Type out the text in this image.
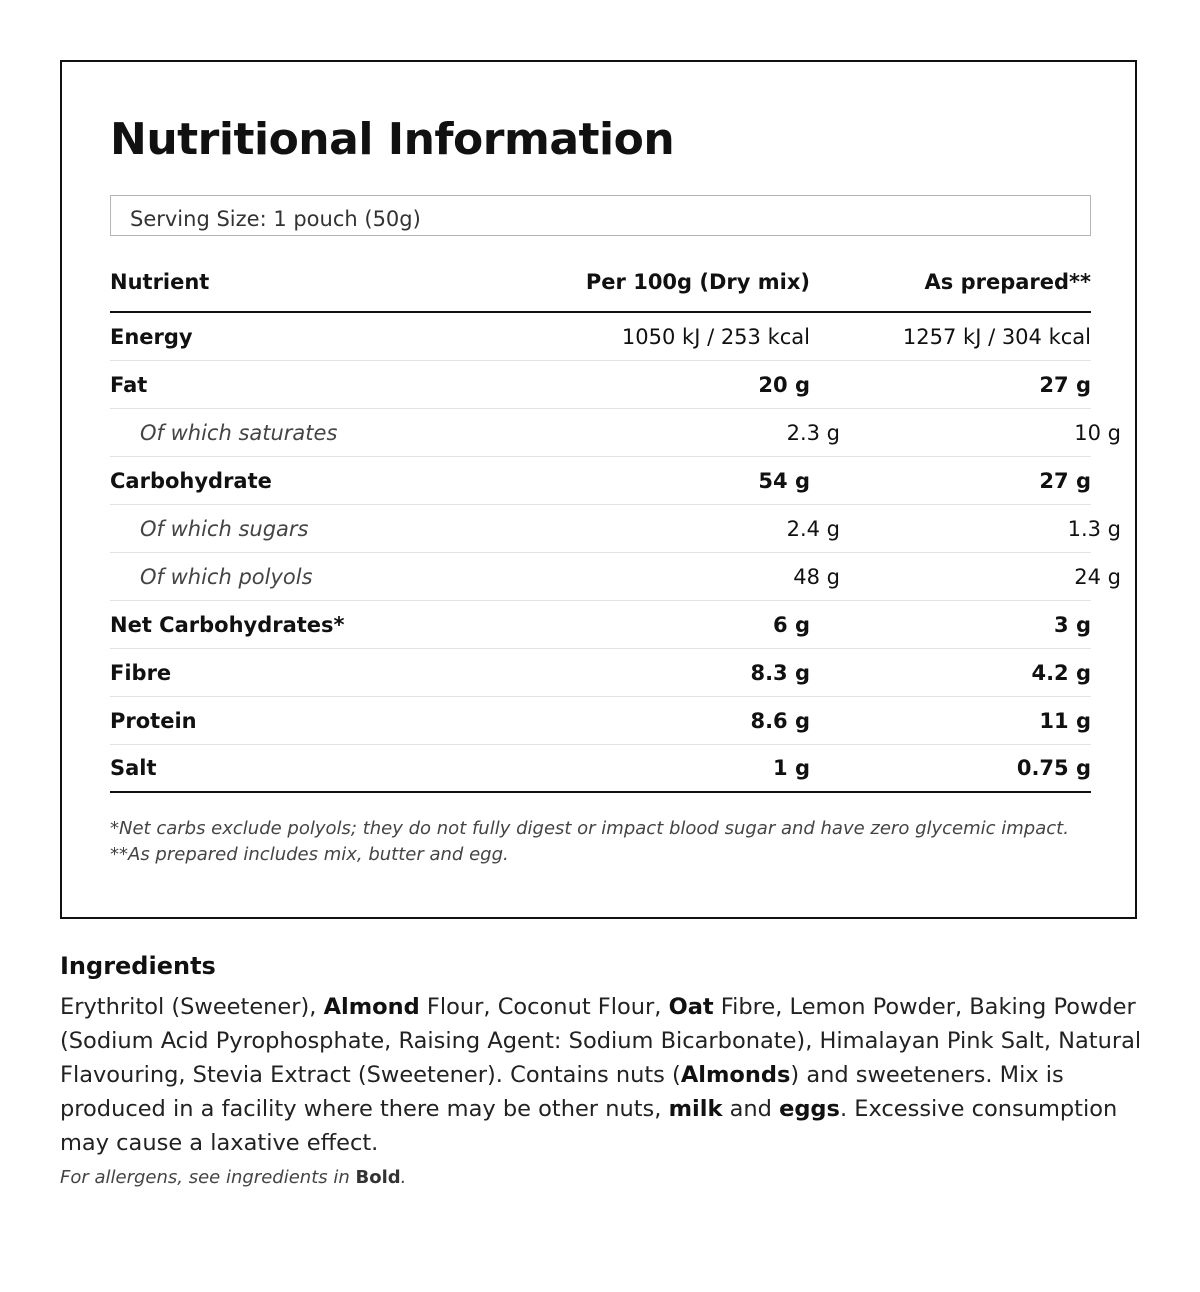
Nutritional Information
Serving Size: 1 pouch (50g)
Nutrient	Per 100g (Dry mix)	As prepared**
Energy	1050 kJ / 253 kcal	1257 kJ / 304 kcal
Fat	20 g	27 g
Of which saturates	2.3 g	10 g
Carbohydrate	54 g	27 g
Of which sugars	2.4 g	1.3 g
Of which polyols	48 g	24 g
Net Carbohydrates*	6 g	3 g
Fibre	8.3 g	4.2 g
Protein	8.6 g	11 g
Salt	1 g	0.75 g
*Net carbs exclude polyols; they do not fully digest or impact blood sugar and have zero glycemic impact. **As prepared includes mix, butter and egg.
Ingredients
Erythritol (Sweetener), Almond Flour, Coconut Flour, Oat Fibre, Lemon Powder, Baking Powder (Sodium Acid Pyrophosphate, Raising Agent: Sodium Bicarbonate), Himalayan Pink Salt, Natural Flavouring, Stevia Extract (Sweetener). Contains nuts (Almonds) and sweeteners. Mix is produced in a facility where there may be other nuts, milk and eggs. Excessive consumption may cause a laxative effect.
For allergens, see ingredients in Bold.
